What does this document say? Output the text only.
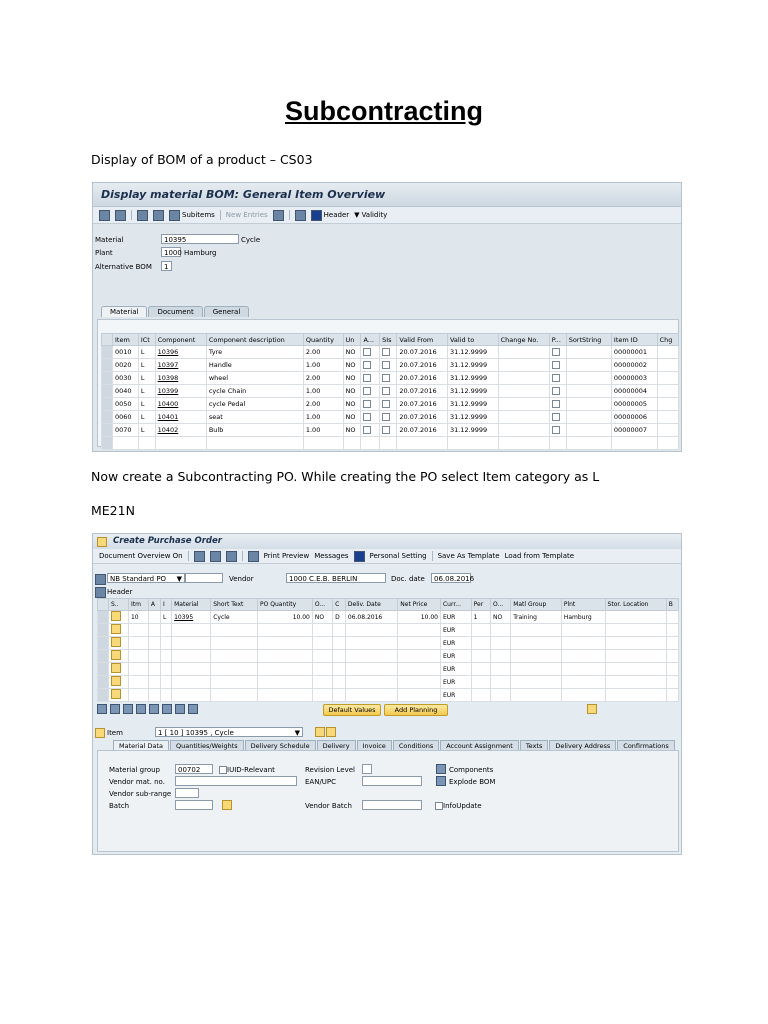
Subcontracting
Display of BOM of a product – CS03
Display material BOM: General Item Overview
Subitems New Entries	Header ▼ Validity
Material	10395	Cycle
Plant	1000 Hamburg
Alternative BOM	1
Material	Document	General
	Item	ICt	Component	Component description	Quantity	Un	A...	SIs	Valid From	Valid to	Change No.	P...	SortString	Item ID	Chg
	0010	L	10396	Tyre	2.00	NO			20.07.2016	31.12.9999				00000001	
	0020	L	10397	Handle	1.00	NO			20.07.2016	31.12.9999				00000002	
	0030	L	10398	wheel	2.00	NO			20.07.2016	31.12.9999				00000003	
	0040	L	10399	cycle Chain	1.00	NO			20.07.2016	31.12.9999				00000004	
	0050	L	10400	cycle Pedal	2.00	NO			20.07.2016	31.12.9999				00000005	
	0060	L	10401	seat	1.00	NO			20.07.2016	31.12.9999				00000006	
	0070	L	10402	Bulb	1.00	NO			20.07.2016	31.12.9999				00000007	

Now create a Subcontracting PO. While creating the PO select Item category as L
ME21N
Create Purchase Order
Document Overview On	Print Preview Messages	Personal Setting Save As Template Load from Template
NB Standard PO ▼	Vendor	1000 C.E.B. BERLIN	Doc. date	06.08.2016
Header
	S..	Itm	A	I	Material	Short Text	PO Quantity	O...	C	Deliv. Date	Net Price	Curr...	Per	O...	Matl Group	Plnt	Stor. Location	B
		10		L	10395	Cycle	10.00	NO	D	06.08.2016	10.00	EUR	1	NO	Training	Hamburg		
												EUR						
												EUR						
												EUR						
												EUR						
												EUR						
												EUR						
Default Values	Add Planning
Item	1 [ 10 ] 10395 , Cycle	▼
Material Data	Quantities/Weights	Delivery Schedule	Delivery	Invoice	Conditions	Account Assignment	Texts	Delivery Address	Confirmations
Material group	00702	IUID-Relevant
Vendor mat. no.
Vendor sub-range
Batch
Revision Level
EAN/UPC
Vendor Batch
Components
Explode BOM
InfoUpdate
